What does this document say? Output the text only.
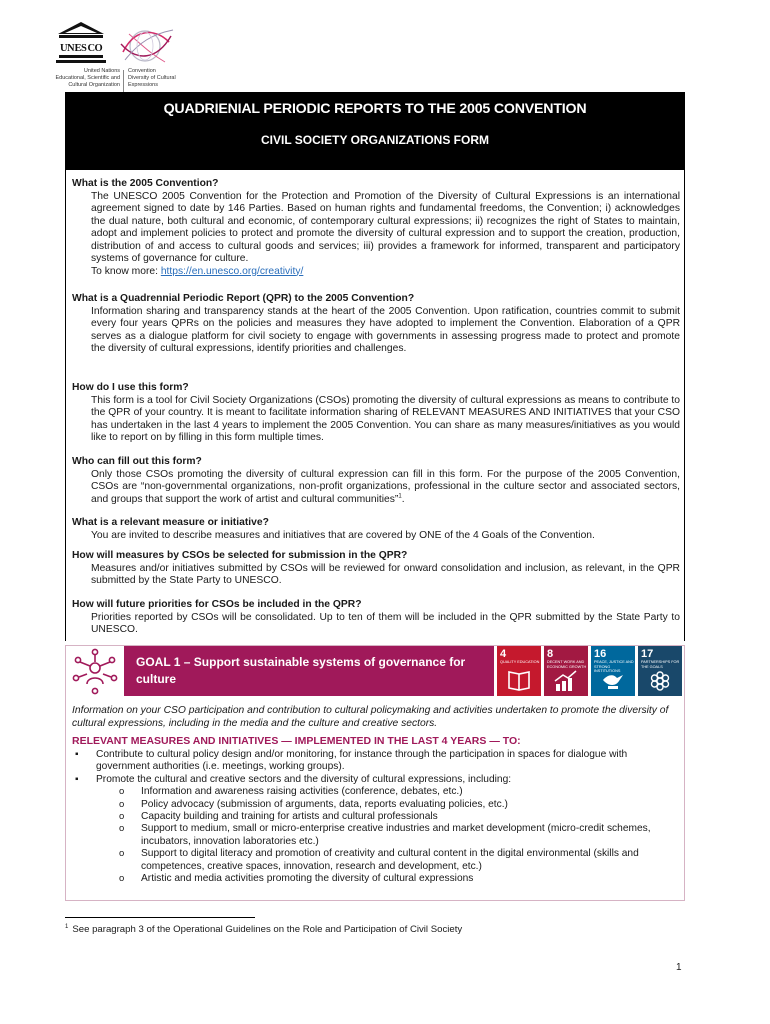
U N E S C O
United Nations
Educational, Scientific and
Cultural Organization
Convention
Diversity of Cultural
Expressions
QUADRIENIAL PERIODIC REPORTS TO THE 2005 CONVENTION
CIVIL SOCIETY ORGANIZATIONS FORM
What is the 2005 Convention?
The UNESCO 2005 Convention for the Protection and Promotion of the Diversity of Cultural Expressions is an international agreement signed to date by 146 Parties. Based on human rights and fundamental freedoms, the Convention; i) acknowledges the dual nature, both cultural and economic, of contemporary cultural expressions; ii) recognizes the right of States to maintain, adopt and implement policies to protect and promote the diversity of cultural expression and to support the creation, production, distribution of and access to cultural goods and services; iii) provides a framework for informed, transparent and participatory systems of governance for culture.
To know more: https://en.unesco.org/creativity/
What is a Quadrennial Periodic Report (QPR) to the 2005 Convention?
Information sharing and transparency stands at the heart of the 2005 Convention. Upon ratification, countries commit to submit every four years QPRs on the policies and measures they have adopted to implement the Convention. Elaboration of a QPR serves as a dialogue platform for civil society to engage with governments in assessing progress made to protect and promote the diversity of cultural expressions, identify priorities and challenges.
How do I use this form?
This form is a tool for Civil Society Organizations (CSOs) promoting the diversity of cultural expressions as means to contribute to the QPR of your country. It is meant to facilitate information sharing of RELEVANT MEASURES AND INITIATIVES that your CSO has undertaken in the last 4 years to implement the 2005 Convention. You can share as many measures/initiatives as you would like to report on by filling in this form multiple times.
Who can fill out this form?
Only those CSOs promoting the diversity of cultural expression can fill in this form. For the purpose of the 2005 Convention, CSOs are “non-governmental organizations, non-profit organizations, professional in the culture sector and associated sectors, and groups that support the work of artist and cultural communities”$^1$.
What is a relevant measure or initiative?
You are invited to describe measures and initiatives that are covered by ONE of the 4 Goals of the Convention.
How will measures by CSOs be selected for submission in the QPR?
Measures and/or initiatives submitted by CSOs will be reviewed for onward consolidation and inclusion, as relevant, in the QPR submitted by the State Party to UNESCO.
How will future priorities for CSOs be included in the QPR?
Priorities reported by CSOs will be consolidated. Up to ten of them will be included in the QPR submitted by the State Party to UNESCO.
GOAL 1 – Support sustainable systems of governance for culture
4
QUALITY EDUCATION
8
DECENT WORK AND ECONOMIC GROWTH
16
PEACE, JUSTICE AND STRONG INSTITUTIONS
17
PARTNERSHIPS FOR THE GOALS
Information on your CSO participation and contribution to cultural policymaking and activities undertaken to promote the diversity of cultural expressions, including in the media and the culture and creative sectors.
RELEVANT MEASURES AND INITIATIVES — IMPLEMENTED IN THE LAST 4 YEARS — TO:
▪ Contribute to cultural policy design and/or monitoring, for instance through the participation in spaces for dialogue with government authorities (i.e. meetings, working groups).
▪ Promote the cultural and creative sectors and the diversity of cultural expressions, including:
o Information and awareness raising activities (conference, debates, etc.)
o Policy advocacy (submission of arguments, data, reports evaluating policies, etc.)
o Capacity building and training for artists and cultural professionals
o Support to medium, small or micro-enterprise creative industries and market development (micro-credit schemes, incubators, innovation laboratories etc.)
o Support to digital literacy and promotion of creativity and cultural content in the digital environmental (skills and competences, creative spaces, innovation, research and development, etc.)
o Artistic and media activities promoting the diversity of cultural expressions
$^1$ See paragraph 3 of the Operational Guidelines on the Role and Participation of Civil Society
1
